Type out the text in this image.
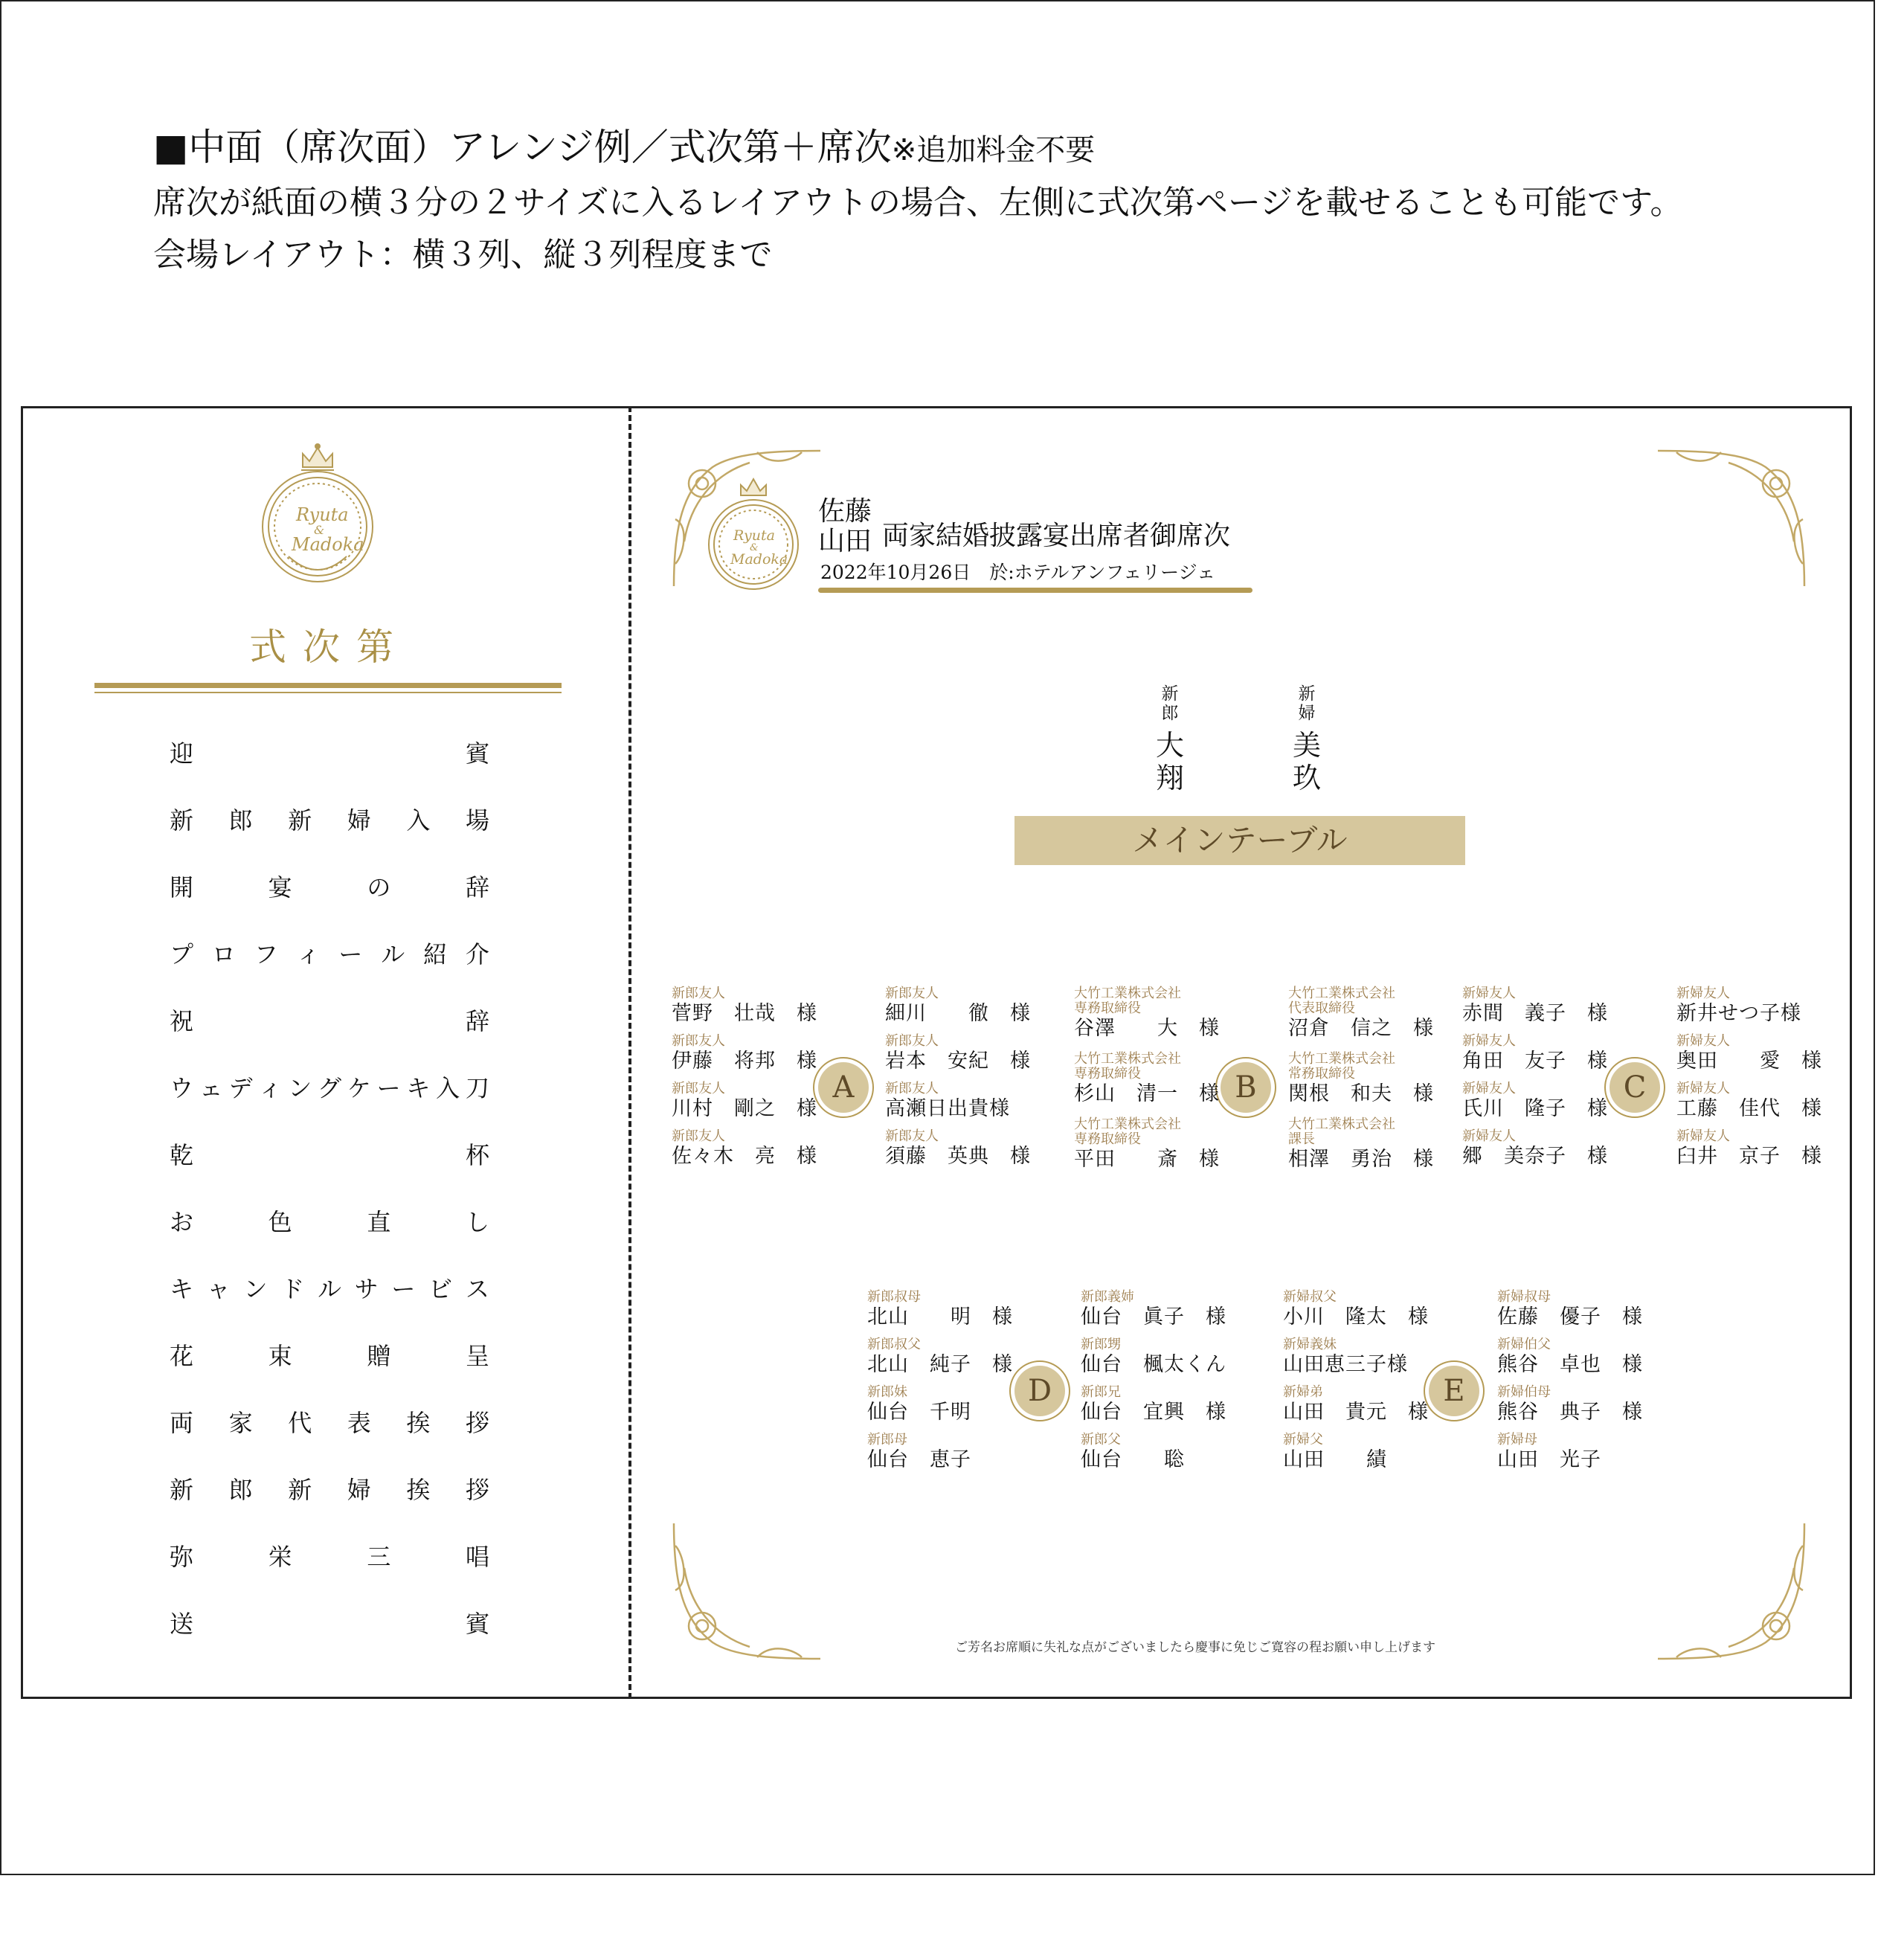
■中面（席次面）アレンジ例／式次第＋席次※追加料金不要
席次が紙面の横３分の２サイズに入るレイアウトの場合、左側に式次第ページを載せることも可能です。
会場レイアウト：横３列、縦３列程度まで
Ryuta
&
Madoka
式次第
迎	賓
新 郎 新 婦 入 場
開	宴	の	辞
プ ロ フ ィ ー ル 紹 介
祝	辞
ウ ェ デ ィ ン グ ケ ー キ 入 刀
乾	杯
お	色	直	し
キ ャ ン ド ル サ ー ビ ス
花	束	贈	呈
両 家 代 表 挨 拶
新 郎 新 婦 挨 拶
弥	栄	三	唱
送	賓
Ryuta
&
Madoka
佐藤
山田 両家結婚披露宴出席者御席次
2022年10月26日　於:ホテルアンフェリージェ
新
郎
大
翔
新
婦
美
玖
メインテーブル
A
新郎友人
菅野　壮哉　様
新郎友人
伊藤　将邦　様
新郎友人
川村　剛之　様
新郎友人
佐々木　亮　様
新郎友人
細川　　徹　様
新郎友人
岩本　安紀　様
新郎友人
高瀬日出貴様
新郎友人
須藤　英典　様
B
大竹工業株式会社
専務取締役
谷澤　　大　様
大竹工業株式会社
専務取締役
杉山　清一　様
大竹工業株式会社
専務取締役
平田　　斎　様
大竹工業株式会社
代表取締役
沼倉　信之　様
大竹工業株式会社
常務取締役
関根　和夫　様
大竹工業株式会社
課長
相澤　勇治　様
C
新婦友人
赤間　義子　様
新婦友人
角田　友子　様
新婦友人
氏川　隆子　様
新婦友人
郷　美奈子　様
新婦友人
新井せつ子様
新婦友人
奥田　　愛　様
新婦友人
工藤　佳代　様
新婦友人
臼井　京子　様
D
新郎叔母
北山　　明　様
新郎叔父
北山　純子　様
新郎妹
仙台　千明
新郎母
仙台　恵子
新郎義姉
仙台　眞子　様
新郎甥
仙台　楓太くん
新郎兄
仙台　宜興　様
新郎父
仙台　　聡
E
新婦叔父
小川　隆太　様
新婦義妹
山田恵三子様
新婦弟
山田　貴元　様
新婦父
山田　　績
新婦叔母
佐藤　優子　様
新婦伯父
熊谷　卓也　様
新婦伯母
熊谷　典子　様
新婦母
山田　光子
ご芳名お席順に失礼な点がございましたら慶事に免じご寛容の程お願い申し上げます
